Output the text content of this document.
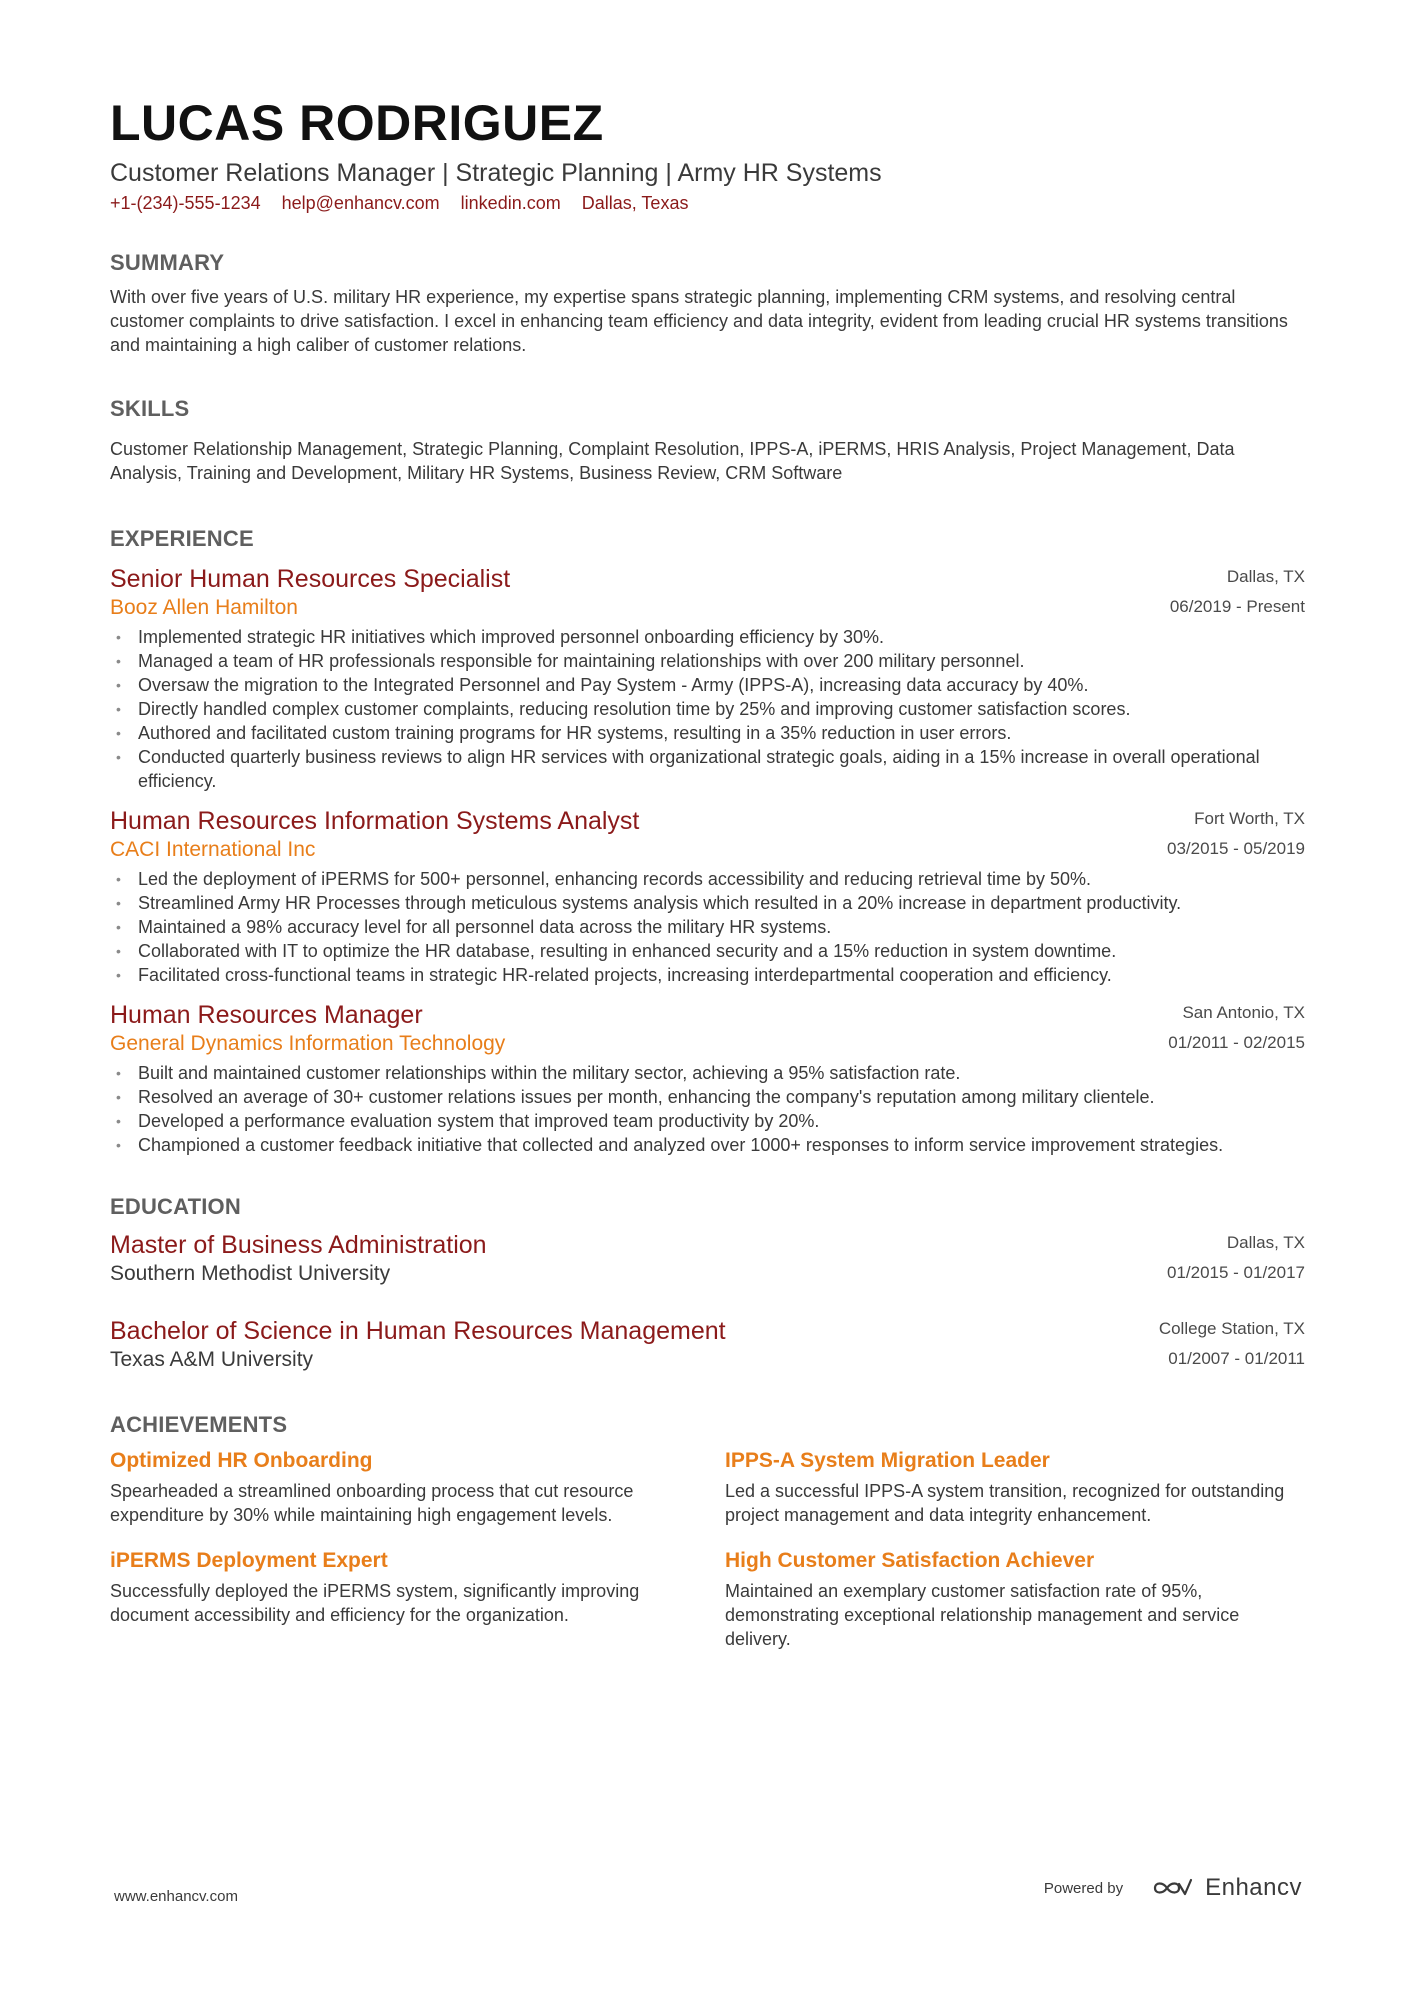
LUCAS RODRIGUEZ
Customer Relations Manager | Strategic Planning | Army HR Systems
+1-(234)-555-1234 help@enhancv.com linkedin.com Dallas, Texas
SUMMARY
With over five years of U.S. military HR experience, my expertise spans strategic planning, implementing CRM systems, and resolving central customer complaints to drive satisfaction. I excel in enhancing team efficiency and data integrity, evident from leading crucial HR systems transitions and maintaining a high caliber of customer relations.
SKILLS
Customer Relationship Management, Strategic Planning, Complaint Resolution, IPPS-A, iPERMS, HRIS Analysis, Project Management, Data Analysis, Training and Development, Military HR Systems, Business Review, CRM Software
EXPERIENCE
Senior Human Resources Specialist
Booz Allen Hamilton
Dallas, TX
06/2019 - Present
• Implemented strategic HR initiatives which improved personnel onboarding efficiency by 30%.
• Managed a team of HR professionals responsible for maintaining relationships with over 200 military personnel.
• Oversaw the migration to the Integrated Personnel and Pay System - Army (IPPS-A), increasing data accuracy by 40%.
• Directly handled complex customer complaints, reducing resolution time by 25% and improving customer satisfaction scores.
• Authored and facilitated custom training programs for HR systems, resulting in a 35% reduction in user errors.
• Conducted quarterly business reviews to align HR services with organizational strategic goals, aiding in a 15% increase in overall operational efficiency.
Human Resources Information Systems Analyst
CACI International Inc
Fort Worth, TX
03/2015 - 05/2019
• Led the deployment of iPERMS for 500+ personnel, enhancing records accessibility and reducing retrieval time by 50%.
• Streamlined Army HR Processes through meticulous systems analysis which resulted in a 20% increase in department productivity.
• Maintained a 98% accuracy level for all personnel data across the military HR systems.
• Collaborated with IT to optimize the HR database, resulting in enhanced security and a 15% reduction in system downtime.
• Facilitated cross-functional teams in strategic HR-related projects, increasing interdepartmental cooperation and efficiency.
Human Resources Manager
General Dynamics Information Technology
San Antonio, TX
01/2011 - 02/2015
• Built and maintained customer relationships within the military sector, achieving a 95% satisfaction rate.
• Resolved an average of 30+ customer relations issues per month, enhancing the company's reputation among military clientele.
• Developed a performance evaluation system that improved team productivity by 20%.
• Championed a customer feedback initiative that collected and analyzed over 1000+ responses to inform service improvement strategies.
EDUCATION
Master of Business Administration
Southern Methodist University
Dallas, TX
01/2015 - 01/2017
Bachelor of Science in Human Resources Management
Texas A&M University
College Station, TX
01/2007 - 01/2011
ACHIEVEMENTS
Optimized HR Onboarding
Spearheaded a streamlined onboarding process that cut resource expenditure by 30% while maintaining high engagement levels.
IPPS-A System Migration Leader
Led a successful IPPS-A system transition, recognized for outstanding project management and data integrity enhancement.
iPERMS Deployment Expert
Successfully deployed the iPERMS system, significantly improving document accessibility and efficiency for the organization.
High Customer Satisfaction Achiever
Maintained an exemplary customer satisfaction rate of 95%, demonstrating exceptional relationship management and service delivery.
www.enhancv.com	Powered by	Enhancv
